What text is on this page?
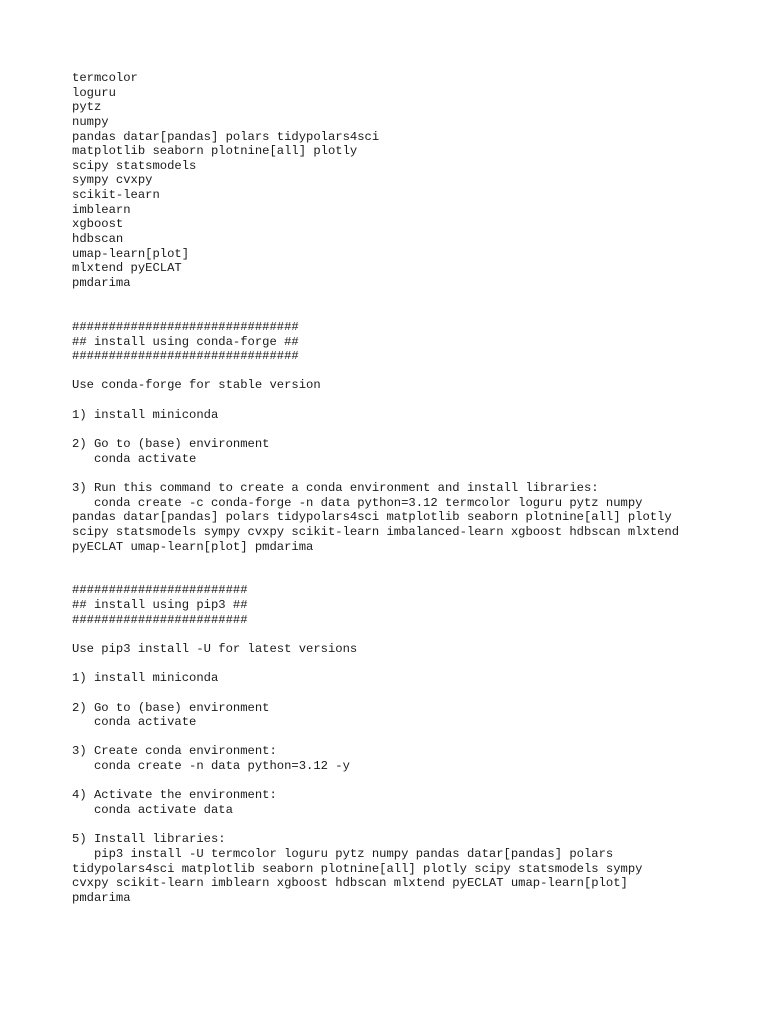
termcolor
loguru
pytz
numpy
pandas datar[pandas] polars tidypolars4sci
matplotlib seaborn plotnine[all] plotly
scipy statsmodels
sympy cvxpy
scikit-learn
imblearn
xgboost
hdbscan
umap-learn[plot]
mlxtend pyECLAT
pmdarima

###############################
## install using conda-forge ##
###############################

Use conda-forge for stable version

1) install miniconda

2) Go to (base) environment
conda activate

3) Run this command to create a conda environment and install libraries:
conda create -c conda-forge -n data python=3.12 termcolor loguru pytz numpy
pandas datar[pandas] polars tidypolars4sci matplotlib seaborn plotnine[all] plotly
scipy statsmodels sympy cvxpy scikit-learn imbalanced-learn xgboost hdbscan mlxtend
pyECLAT umap-learn[plot] pmdarima

########################
## install using pip3 ##
########################

Use pip3 install -U for latest versions

1) install miniconda

2) Go to (base) environment
conda activate

3) Create conda environment:
conda create -n data python=3.12 -y

4) Activate the environment:
conda activate data

5) Install libraries:
pip3 install -U termcolor loguru pytz numpy pandas datar[pandas] polars
tidypolars4sci matplotlib seaborn plotnine[all] plotly scipy statsmodels sympy
cvxpy scikit-learn imblearn xgboost hdbscan mlxtend pyECLAT umap-learn[plot]
pmdarima
